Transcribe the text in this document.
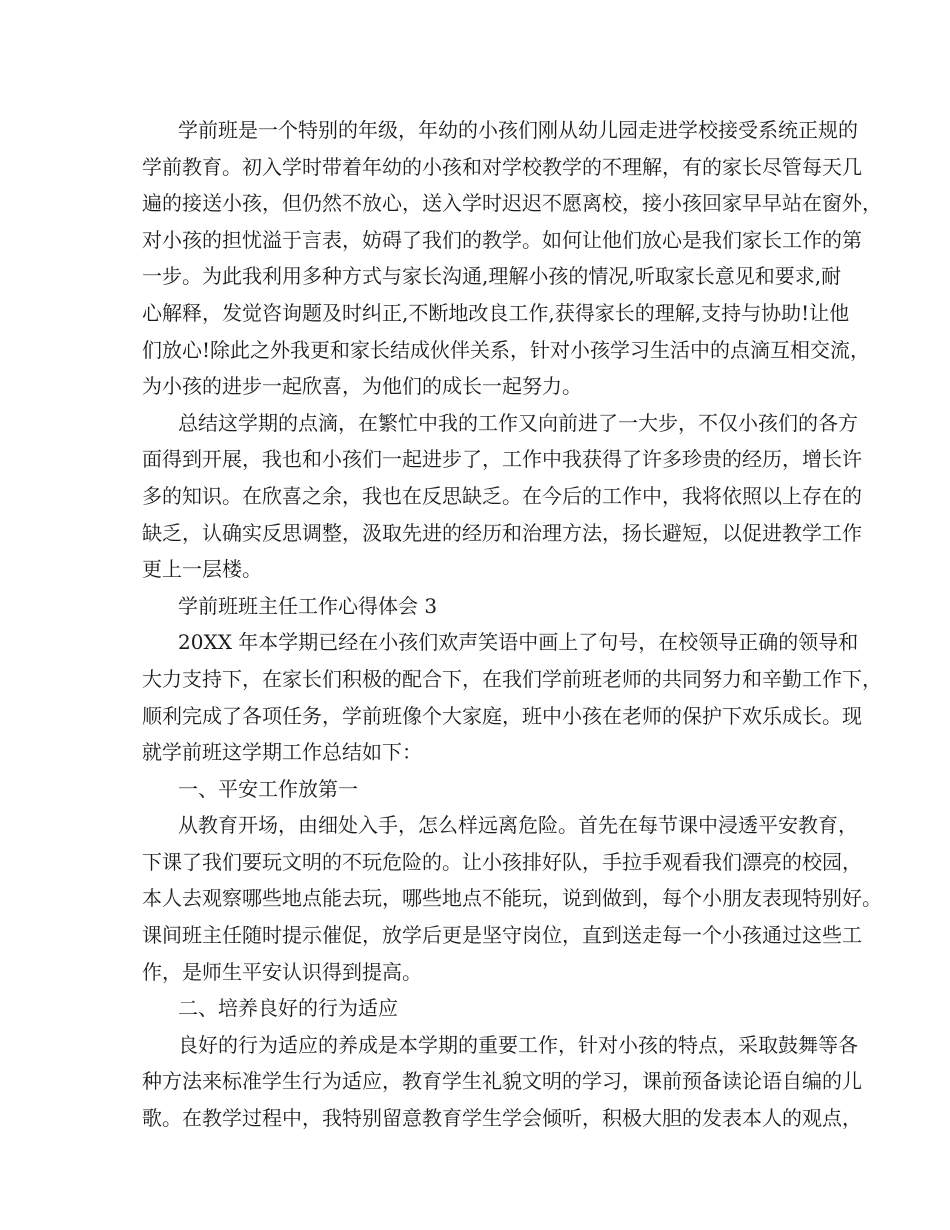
学前班是一个特别的年级，年幼的小孩们刚从幼儿园走进学校接受系统正规的
学前教育。初入学时带着年幼的小孩和对学校教学的不理解，有的家长尽管每天几
遍的接送小孩，但仍然不放心，送入学时迟迟不愿离校，接小孩回家早早站在窗外，
对小孩的担忧溢于言表，妨碍了我们的教学。如何让他们放心是我们家长工作的第
一步。为此我利用多种方式与家长沟通,理解小孩的情况,听取家长意见和要求,耐
心解释，发觉咨询题及时纠正,不断地改良工作,获得家长的理解,支持与协助!让他
们放心!除此之外我更和家长结成伙伴关系，针对小孩学习生活中的点滴互相交流，
为小孩的进步一起欣喜，为他们的成长一起努力。
总结这学期的点滴，在繁忙中我的工作又向前进了一大步，不仅小孩们的各方
面得到开展，我也和小孩们一起进步了，工作中我获得了许多珍贵的经历，增长许
多的知识。在欣喜之余，我也在反思缺乏。在今后的工作中，我将依照以上存在的
缺乏，认确实反思调整，汲取先进的经历和治理方法，扬长避短，以促进教学工作
更上一层楼。
学前班班主任工作心得体会 3
20XX 年本学期已经在小孩们欢声笑语中画上了句号，在校领导正确的领导和
大力支持下，在家长们积极的配合下，在我们学前班老师的共同努力和辛勤工作下，
顺利完成了各项任务，学前班像个大家庭，班中小孩在老师的保护下欢乐成长。现
就学前班这学期工作总结如下：
一、平安工作放第一
从教育开场，由细处入手，怎么样远离危险。首先在每节课中浸透平安教育，
下课了我们要玩文明的不玩危险的。让小孩排好队，手拉手观看我们漂亮的校园，
本人去观察哪些地点能去玩，哪些地点不能玩，说到做到，每个小朋友表现特别好。
课间班主任随时提示催促，放学后更是坚守岗位，直到送走每一个小孩通过这些工
作，是师生平安认识得到提高。
二、培养良好的行为适应
良好的行为适应的养成是本学期的重要工作，针对小孩的特点，采取鼓舞等各
种方法来标准学生行为适应，教育学生礼貌文明的学习，课前预备读论语自编的儿
歌。在教学过程中，我特别留意教育学生学会倾听，积极大胆的发表本人的观点，
